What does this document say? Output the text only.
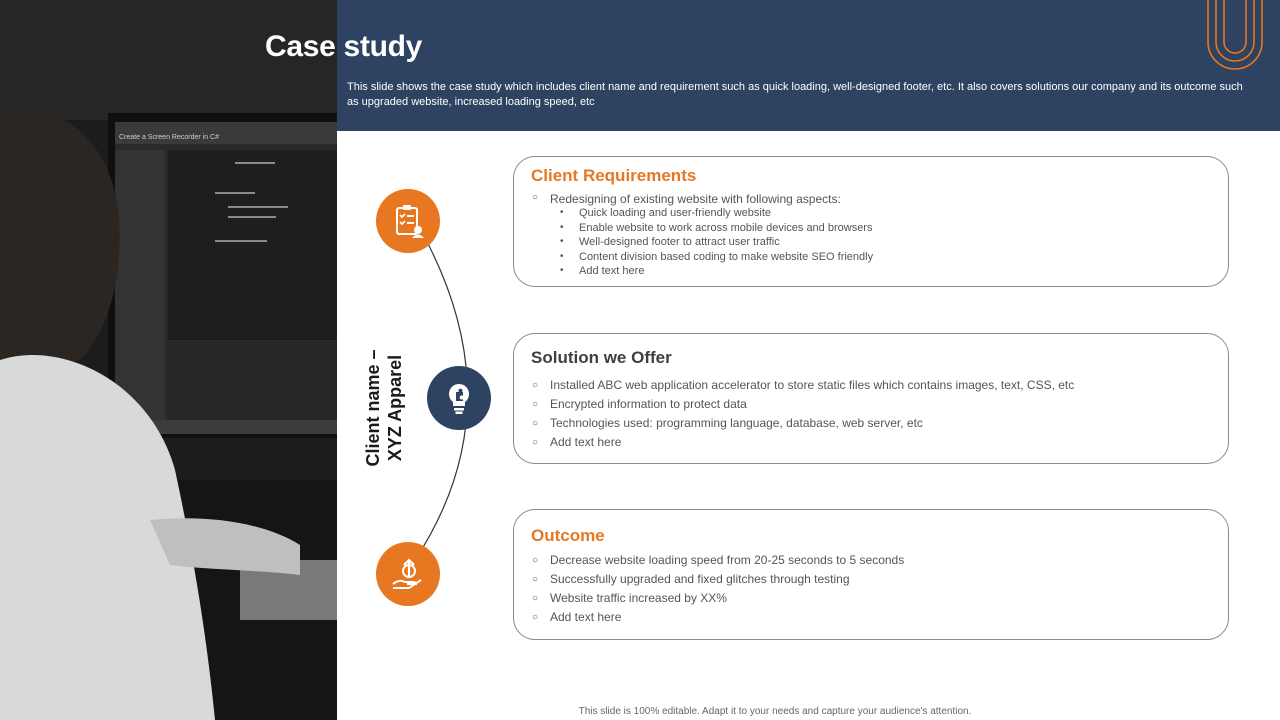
Create a Screen Recorder in C#
Case study
This slide shows the case study which includes client name and requirement such as quick loading, well-designed footer, etc. It also covers solutions our company and its outcome such as upgraded website, increased loading speed, etc
Client name – XYZ Apparel
Client Requirements
○ Redesigning of existing website with following aspects:
• Quick loading and user-friendly website
• Enable website to work across mobile devices and browsers
• Well-designed footer to attract user traffic
• Content division based coding to make website SEO friendly
• Add text here
Solution we Offer
○ Installed ABC web application accelerator to store static files which contains images, text, CSS, etc
○ Encrypted information to protect data
○ Technologies used: programming language, database, web server, etc
○ Add text here
Outcome
○ Decrease website loading speed from 20-25 seconds to 5 seconds
○ Successfully upgraded and fixed glitches through testing
○ Website traffic increased by XX%
○ Add text here
This slide is 100% editable. Adapt it to your needs and capture your audience's attention.
